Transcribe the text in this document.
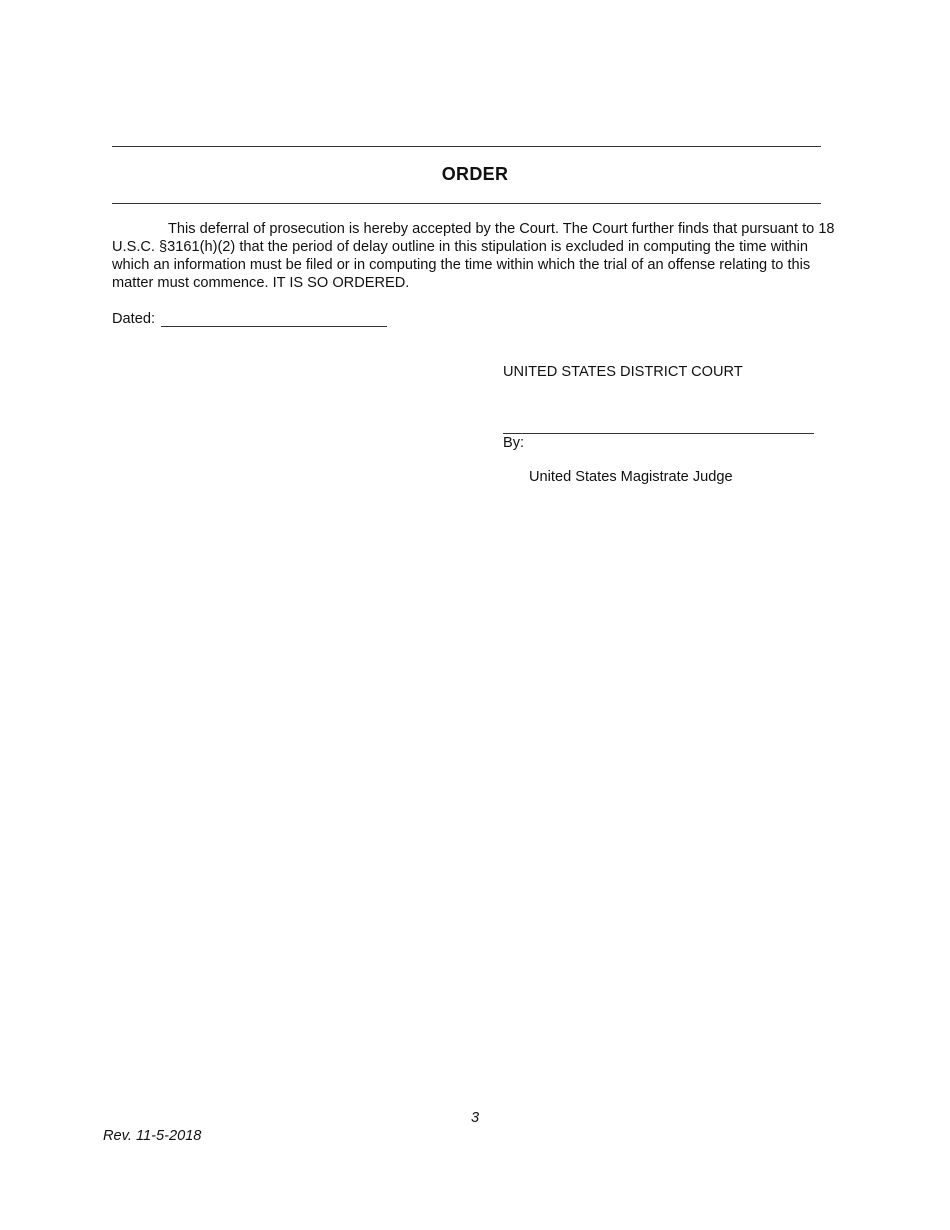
ORDER
This deferral of prosecution is hereby accepted by the Court. The Court further finds that pursuant to 18 U.S.C. §3161(h)(2) that the period of delay outline in this stipulation is excluded in computing the time within which an information must be filed or in computing the time within which the trial of an offense relating to this matter must commence. IT IS SO ORDERED.
Dated:
UNITED STATES DISTRICT COURT
By:
United States Magistrate Judge
3
Rev. 11-5-2018
